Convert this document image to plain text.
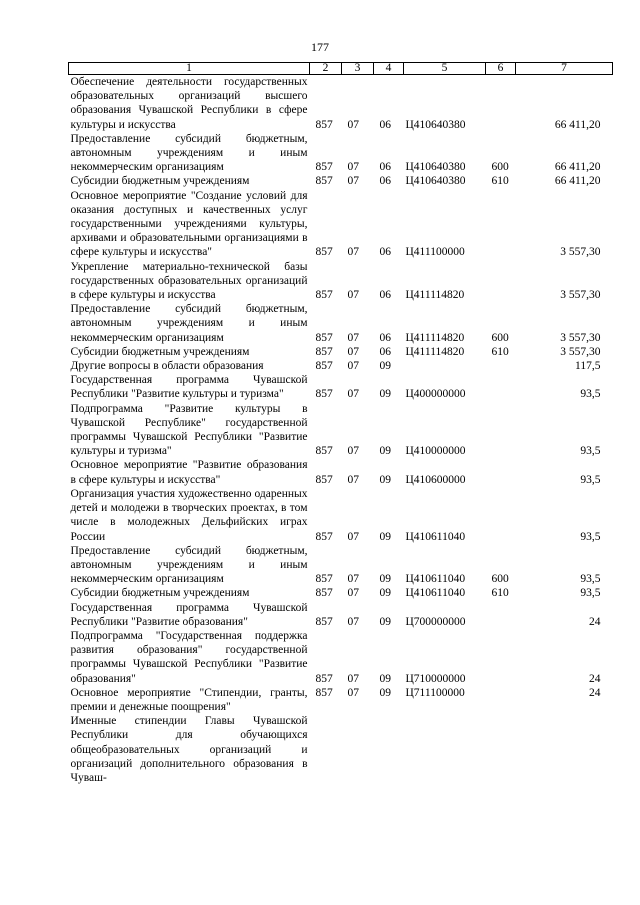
177
1	2	3	4	5	6	7
Обеспечение деятельности государственных образовательных организаций высшего образования Чувашской Республики в сфере культуры и искусства	857	07	06	Ц410640380		66 411,20
Предоставление субсидий бюджетным, автономным учреждениям и иным некоммерческим организациям	857	07	06	Ц410640380	600	66 411,20
Субсидии бюджетным учреждениям	857	07	06	Ц410640380	610	66 411,20
Основное мероприятие "Создание условий для оказания доступных и качественных услуг государственными учреждениями культуры, архивами и образовательными организациями в сфере культуры и искусства"	857	07	06	Ц411100000		3 557,30
Укрепление материально-технической базы государственных образовательных организаций в сфере культуры и искусства	857	07	06	Ц411114820		3 557,30
Предоставление субсидий бюджетным, автономным учреждениям и иным некоммерческим организациям	857	07	06	Ц411114820	600	3 557,30
Субсидии бюджетным учреждениям	857	07	06	Ц411114820	610	3 557,30
Другие вопросы в области образования	857	07	09			117,5
Государственная программа Чувашской Республики "Развитие культуры и туризма"	857	07	09	Ц400000000		93,5
Подпрограмма "Развитие культуры в Чувашской Республике" государственной программы Чувашской Республики "Развитие культуры и туризма"	857	07	09	Ц410000000		93,5
Основное мероприятие "Развитие образования в сфере культуры и искусства"	857	07	09	Ц410600000		93,5
Организация участия художественно одаренных детей и молодежи в творческих проектах, в том числе в молодежных Дельфийских играх России	857	07	09	Ц410611040		93,5
Предоставление субсидий бюджетным, автономным учреждениям и иным некоммерческим организациям	857	07	09	Ц410611040	600	93,5
Субсидии бюджетным учреждениям	857	07	09	Ц410611040	610	93,5
Государственная программа Чувашской Республики "Развитие образования"	857	07	09	Ц700000000		24
Подпрограмма "Государственная поддержка развития образования" государственной программы Чувашской Республики "Развитие образования"	857	07	09	Ц710000000		24
Основное мероприятие "Стипендии, гранты, премии и денежные поощрения"	857	07	09	Ц711100000		24
Именные стипендии Главы Чувашской Республики для обучающихся общеобразовательных организаций и организаций дополнительного образования в Чуваш-						
